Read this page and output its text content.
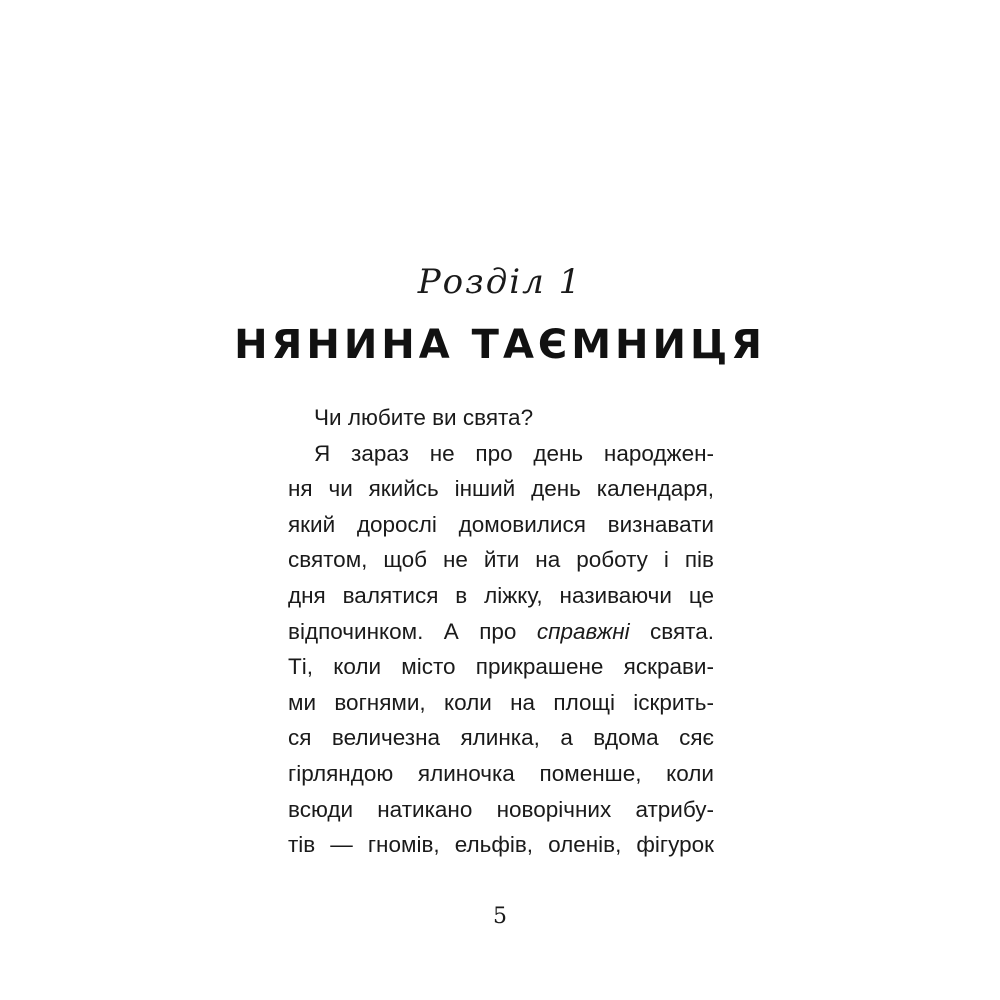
Розділ 1
НЯНИНА ТАЄМНИЦЯ
Чи любите ви свята?
Я зараз не про день народжен-
ня чи якийсь інший день календаря,
який дорослі домовилися визнавати
святом, щоб не йти на роботу і пів
дня валятися в ліжку, називаючи це
відпочинком. А про справжні свята.
Ті, коли місто прикрашене яскрави-
ми вогнями, коли на площі іскрить-
ся величезна ялинка, а вдома сяє
гірляндою ялиночка поменше, коли
всюди натикано новорічних атрибу-
тів — гномів, ельфів, оленів, фігурок
5
